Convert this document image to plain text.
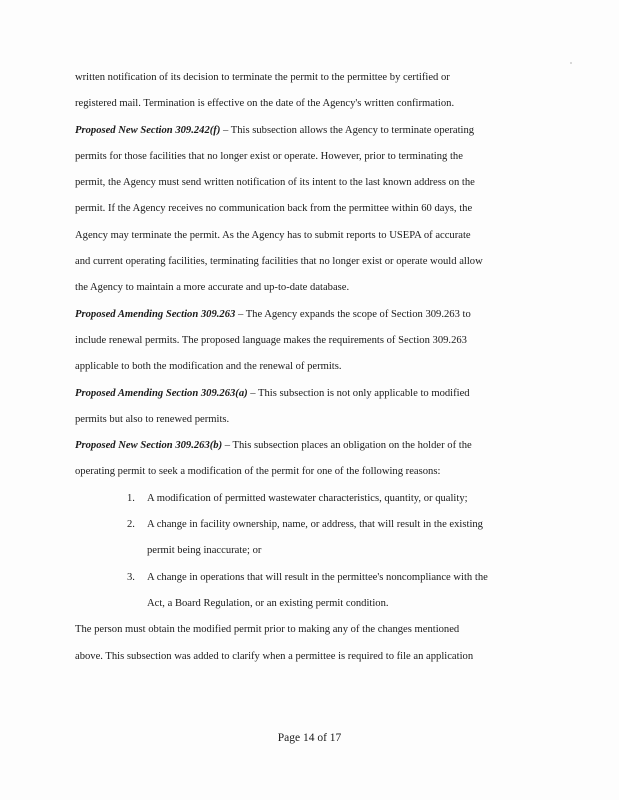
written notification of its decision to terminate the permit to the permittee by certified or
registered mail. Termination is effective on the date of the Agency's written confirmation.
Proposed New Section 309.242(f) – This subsection allows the Agency to terminate operating
permits for those facilities that no longer exist or operate. However, prior to terminating the
permit, the Agency must send written notification of its intent to the last known address on the
permit. If the Agency receives no communication back from the permittee within 60 days, the
Agency may terminate the permit. As the Agency has to submit reports to USEPA of accurate
and current operating facilities, terminating facilities that no longer exist or operate would allow
the Agency to maintain a more accurate and up-to-date database.
Proposed Amending Section 309.263 – The Agency expands the scope of Section 309.263 to
include renewal permits. The proposed language makes the requirements of Section 309.263
applicable to both the modification and the renewal of permits.
Proposed Amending Section 309.263(a) – This subsection is not only applicable to modified
permits but also to renewed permits.
Proposed New Section 309.263(b) – This subsection places an obligation on the holder of the
operating permit to seek a modification of the permit for one of the following reasons:
1. A modification of permitted wastewater characteristics, quantity, or quality;
2. A change in facility ownership, name, or address, that will result in the existing
permit being inaccurate; or
3. A change in operations that will result in the permittee's noncompliance with the
Act, a Board Regulation, or an existing permit condition.
The person must obtain the modified permit prior to making any of the changes mentioned
above. This subsection was added to clarify when a permittee is required to file an application
Page 14 of 17
